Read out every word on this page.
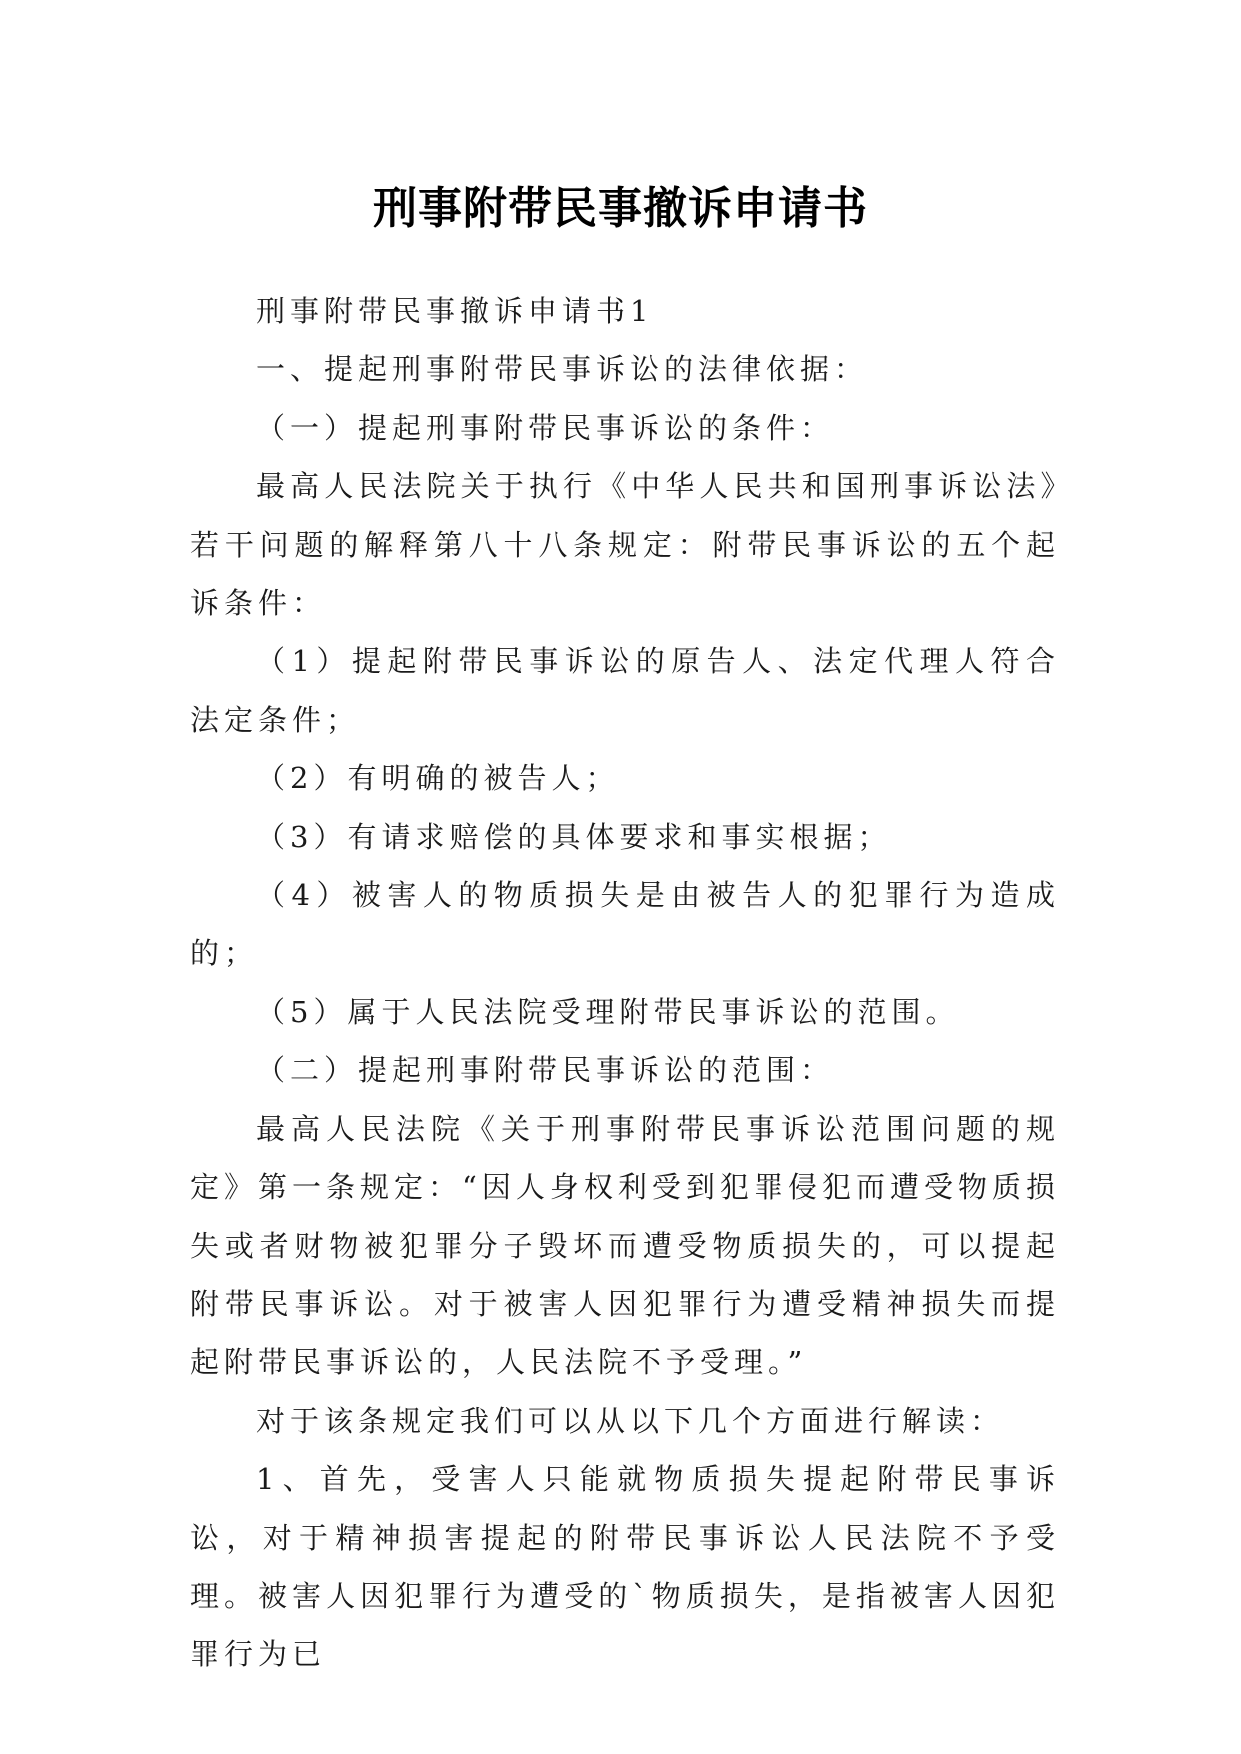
刑事附带民事撤诉申请书

刑事附带民事撤诉申请书1

一、提起刑事附带民事诉讼的法律依据：

（一）提起刑事附带民事诉讼的条件：

最高人民法院关于执行《中华人民共和国刑事诉讼法》若干问题的解释第八十八条规定：附带民事诉讼的五个起诉条件：

（1）提起附带民事诉讼的原告人、法定代理人符合法定条件；

（2）有明确的被告人；

（3）有请求赔偿的具体要求和事实根据；

（4）被害人的物质损失是由被告人的犯罪行为造成的；

（5）属于人民法院受理附带民事诉讼的范围。

（二）提起刑事附带民事诉讼的范围：

最高人民法院《关于刑事附带民事诉讼范围问题的规定》第一条规定：“因人身权利受到犯罪侵犯而遭受物质损失或者财物被犯罪分子毁坏而遭受物质损失的，可以提起附带民事诉讼。对于被害人因犯罪行为遭受精神损失而提起附带民事诉讼的，人民法院不予受理。”

对于该条规定我们可以从以下几个方面进行解读：

1、首先，受害人只能就物质损失提起附带民事诉讼，对于精神损害提起的附带民事诉讼人民法院不予受理。被害人因犯罪行为遭受的`物质损失，是指被害人因犯罪行为已
